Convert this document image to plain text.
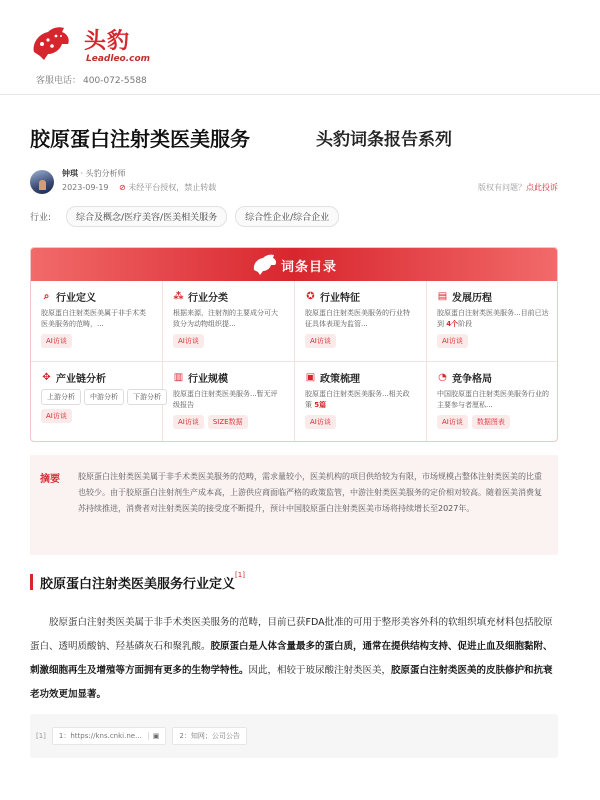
头豹
Leadleo.com
客服电话： 400-072-5588
胶原蛋白注射类医美服务	头豹词条报告系列
钟琪 · 头豹分析师
2023-09-19 ⊘ 未经平台授权，禁止转载	版权有问题？点此投诉
行业:	综合及概念/医疗美容/医美相关服务	综合性企业/综合企业
词条目录
⌕ 行业定义
胶原蛋白注射类医美属于非手术类医美服务的范畴，...
AI访谈
⁂ 行业分类
根据来源，注射剂的主要成分可大致分为动物组织提...
AI访谈
✪ 行业特征
胶原蛋白注射类医美服务的行业特征具体表现为监管...
AI访谈
▤ 发展历程
胶原蛋白注射类医美服务...目前已达到 4个阶段
AI访谈
✥ 产业链分析
上游分析	中游分析	下游分析
AI访谈
▥ 行业规模
胶原蛋白注射类医美服务...暂无评级报告
AI访谈	SIZE数据
▣ 政策梳理
胶原蛋白注射类医美服务...相关政策 5篇
AI访谈
◔ 竞争格局
中国胶原蛋白注射类医美服务行业的主要参与者厘私...
AI访谈	数据图表
摘要 胶原蛋白注射类医美属于非手术类医美服务的范畴，需求量较小，医美机构的项目供给较为有限，市场规模占整体注射类医美的比重也较少。由于胶原蛋白注射剂生产成本高，上游供应商面临严格的政策监管，中游注射类医美服务的定价相对较高。随着医美消费复苏持续推进，消费者对注射类医美的接受度不断提升，预计中国胶原蛋白注射类医美市场将持续增长至2027年。
胶原蛋白注射类医美服务行业定义[1]
胶原蛋白注射类医美属于非手术类医美服务的范畴，目前已获FDA批准的可用于整形美容外科的软组织填充材料包括胶原蛋白、透明质酸钠、羟基磷灰石和聚乳酸。胶原蛋白是人体含量最多的蛋白质，通常在提供结构支持、促进止血及细胞黏附、刺激细胞再生及增殖等方面拥有更多的生物学特性。因此，相较于玻尿酸注射类医美，胶原蛋白注射类医美的皮肤修护和抗衰老功效更加显著。
[1]	1：https://kns.cnki.ne... ▣	2：知网；公司公告
